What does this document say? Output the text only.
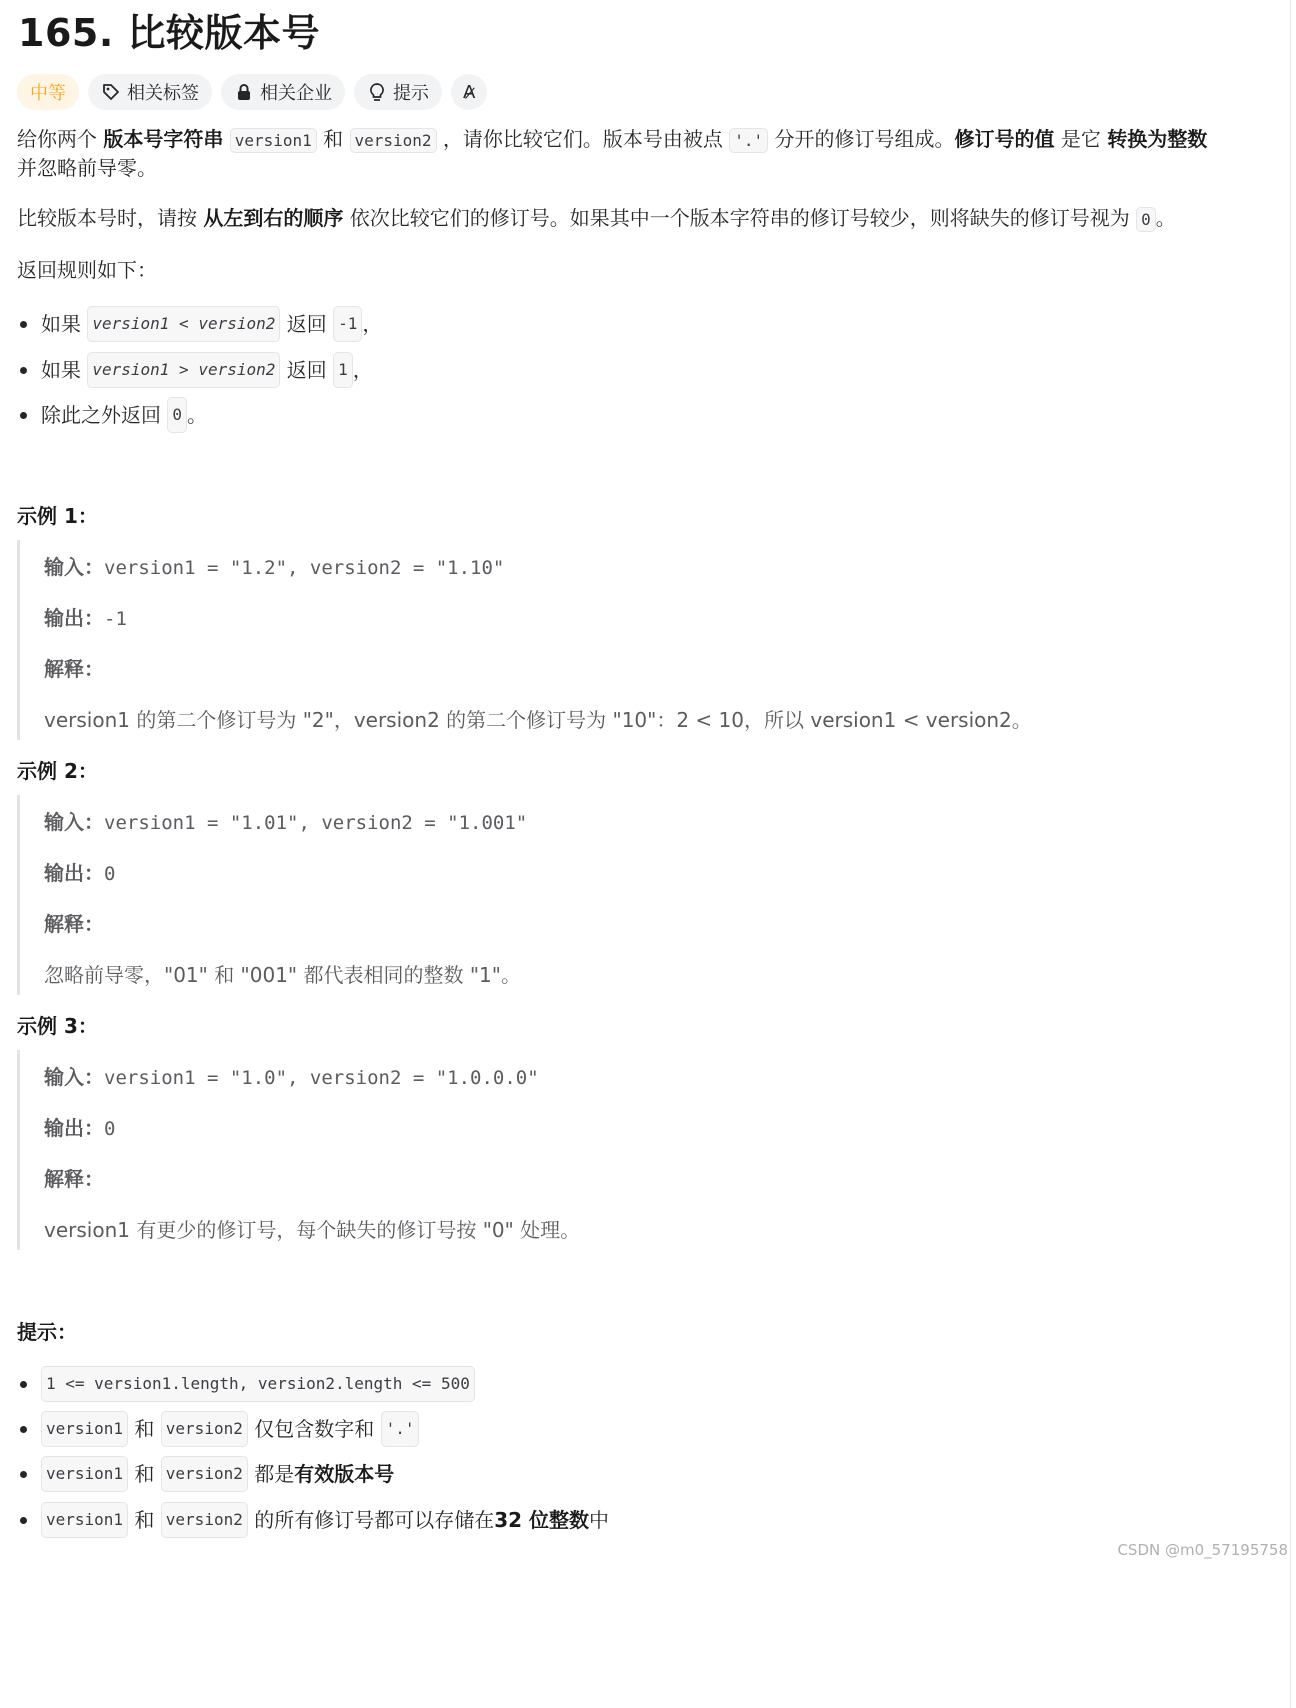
165. 比较版本号
中等	相关标签	相关企业	提示 A̷

给你两个 版本号字符串 version1 和 version2 ，请你比较它们。版本号由被点 '.' 分开的修订号组成。修订号的值 是它 转换为整数

并忽略前导零。

比较版本号时，请按 从左到右的顺序 依次比较它们的修订号。如果其中一个版本字符串的修订号较少，则将缺失的修订号视为 0 。

返回规则如下：

如果
version1 < version2
返回
-1 ，
如果
version1 > version2
返回
1 ，
除此之外返回
0 。
示例 1：
输入：version1 = "1.2", version2 = "1.10"
输出：-1
解释：
version1 的第二个修订号为 "2"，version2 的第二个修订号为 "10"：2 < 10，所以 version1 < version2。
示例 2：
输入：version1 = "1.01", version2 = "1.001"
输出：0
解释：
忽略前导零，"01" 和 "001" 都代表相同的整数 "1"。
示例 3：
输入：version1 = "1.0", version2 = "1.0.0.0"
输出：0
解释：
version1 有更少的修订号，每个缺失的修订号按 "0" 处理。
提示：
1 <= version1.length, version2.length <= 500
version1
和
version2
仅包含数字和
'.'
version1
和
version2
都是 有效版本号
version1
和
version2
的所有修订号都可以存储在 32 位整数 中
CSDN @m0_57195758
